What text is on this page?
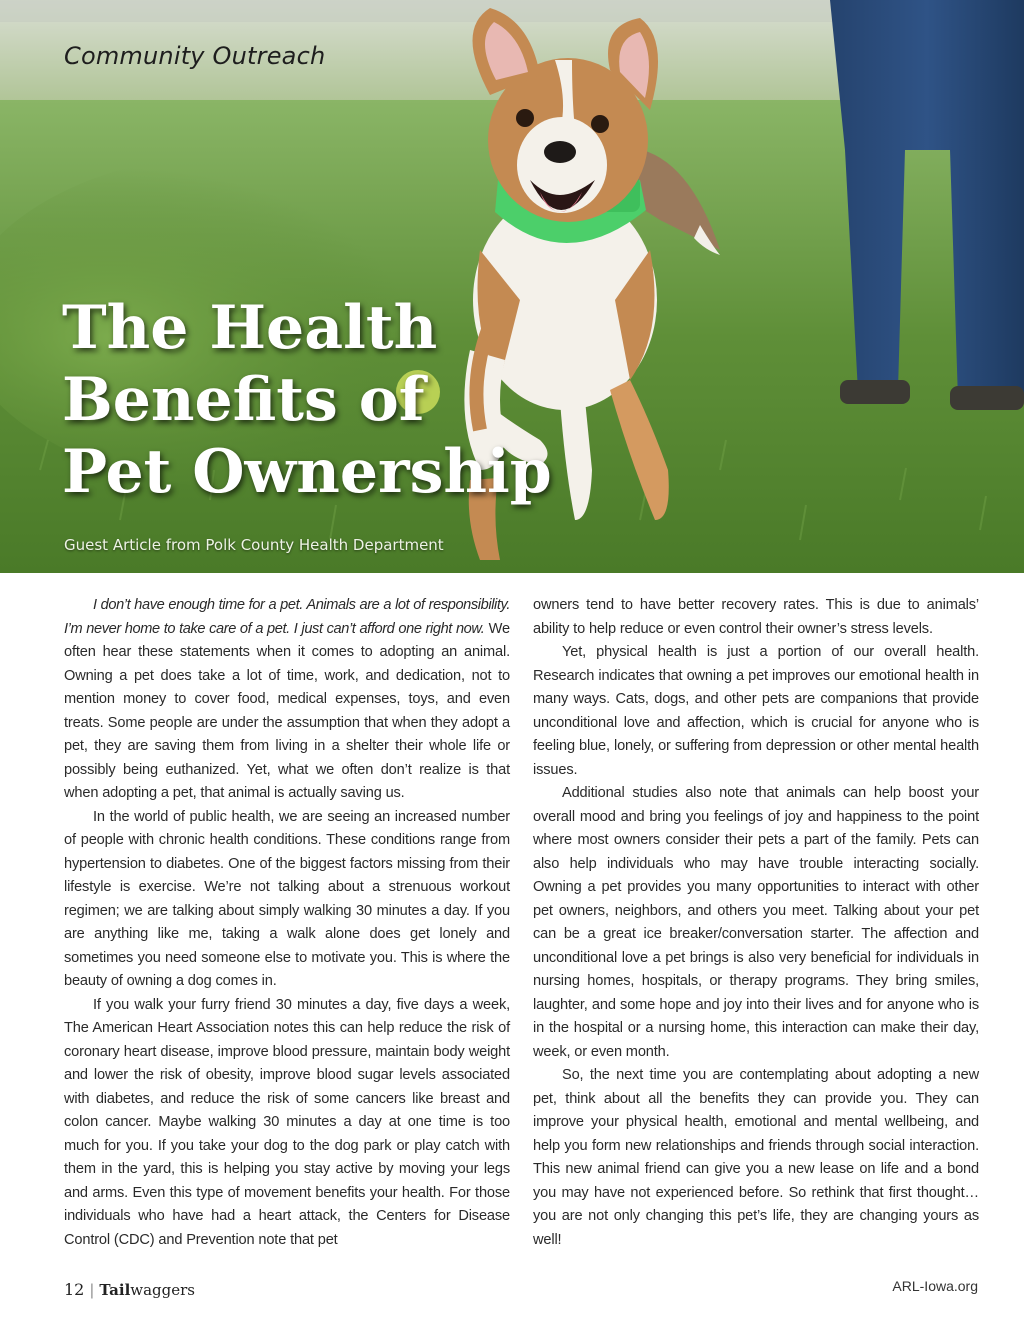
Community Outreach
The Health
Benefits of
Pet Ownership
Guest Article from Polk County Health Department

I don’t have enough time for a pet. Animals are a lot of responsibility. I’m never home to take care of a pet. I just can’t afford one right now. We often hear these statements when it comes to adopting an animal. Owning a pet does take a lot of time, work, and dedication, not to mention money to cover food, medical expenses, toys, and even treats. Some people are under the assumption that when they adopt a pet, they are saving them from living in a shelter their whole life or possibly being euthanized. Yet, what we often don’t realize is that when adopting a pet, that animal is actually saving us.

In the world of public health, we are seeing an increased number of people with chronic health conditions. These conditions range from hypertension to diabetes. One of the biggest factors missing from their lifestyle is exercise. We’re not talking about a strenuous workout regimen; we are talking about simply walking 30 minutes a day. If you are anything like me, taking a walk alone does get lonely and sometimes you need someone else to motivate you. This is where the beauty of owning a dog comes in.

If you walk your furry friend 30 minutes a day, five days a week, The American Heart Association notes this can help reduce the risk of coronary heart disease, improve blood pressure, maintain body weight and lower the risk of obesity, improve blood sugar levels associated with diabetes, and reduce the risk of some cancers like breast and colon cancer. Maybe walking 30 minutes a day at one time is too much for you. If you take your dog to the dog park or play catch with them in the yard, this is helping you stay active by moving your legs and arms. Even this type of movement benefits your health. For those individuals who have had a heart attack, the Centers for Disease Control (CDC) and Prevention note that pet

owners tend to have better recovery rates. This is due to animals’ ability to help reduce or even control their owner’s stress levels.

Yet, physical health is just a portion of our overall health. Research indicates that owning a pet improves our emotional health in many ways. Cats, dogs, and other pets are companions that provide unconditional love and affection, which is crucial for anyone who is feeling blue, lonely, or suffering from depression or other mental health issues.

Additional studies also note that animals can help boost your overall mood and bring you feelings of joy and happiness to the point where most owners consider their pets a part of the family. Pets can also help individuals who may have trouble interacting socially. Owning a pet provides you many opportunities to interact with other pet owners, neighbors, and others you meet. Talking about your pet can be a great ice breaker/conversation starter. The affection and unconditional love a pet brings is also very beneficial for individuals in nursing homes, hospitals, or therapy programs. They bring smiles, laughter, and some hope and joy into their lives and for anyone who is in the hospital or a nursing home, this interaction can make their day, week, or even month.

So, the next time you are contemplating about adopting a new pet, think about all the benefits they can provide you. They can improve your physical health, emotional and mental wellbeing, and help you form new relationships and friends through social interaction. This new animal friend can give you a new lease on life and a bond you may have not experienced before. So rethink that first thought…you are not only changing this pet’s life, they are changing yours as well!

12 | Tailwaggers	ARL-Iowa.org
